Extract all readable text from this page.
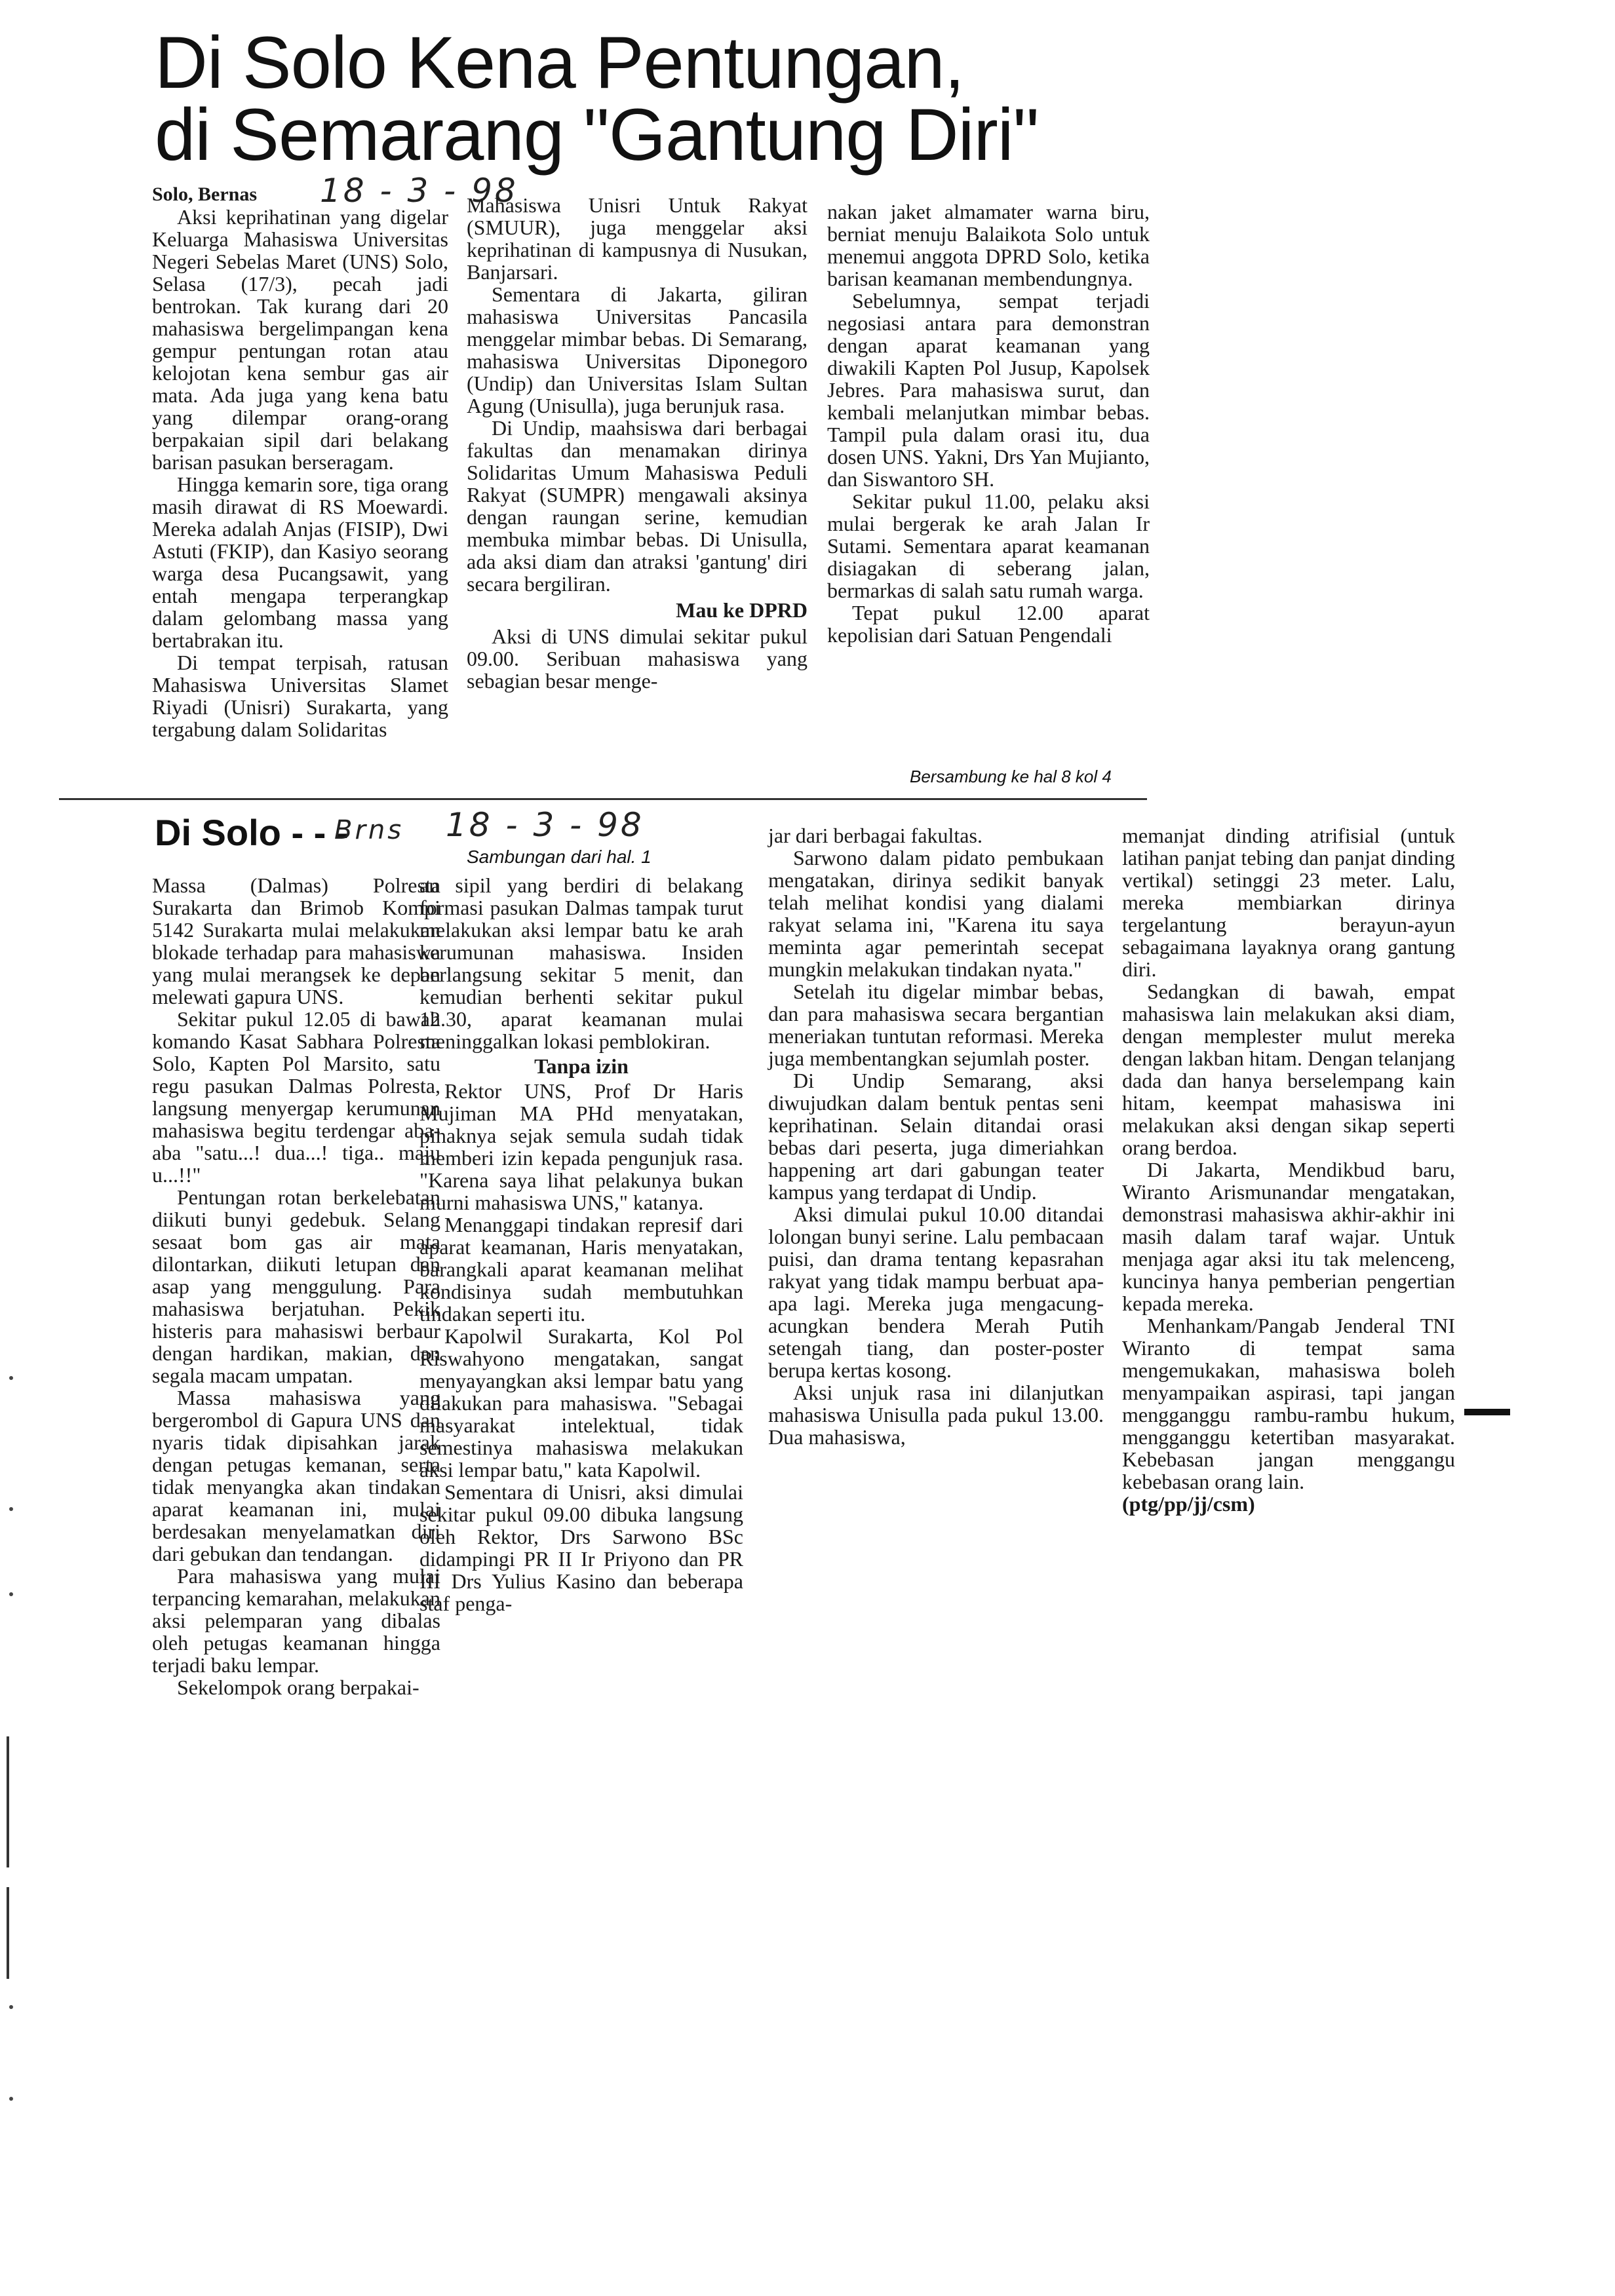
Di Solo Kena Pentungan,
di Semarang "Gantung Diri"
18 - 3 - 98

Solo, Bernas

Aksi keprihatinan yang digelar Keluarga Mahasiswa Universitas Negeri Sebelas Maret (UNS) Solo, Selasa (17/3), pecah jadi bentrokan. Tak kurang dari 20 mahasiswa bergelimpangan kena gempur pentungan rotan atau kelojotan kena sembur gas air mata. Ada juga yang kena batu yang dilempar orang-orang berpakaian sipil dari belakang barisan pasukan berseragam.

Hingga kemarin sore, tiga orang masih dirawat di RS Moewardi. Mereka adalah Anjas (FISIP), Dwi Astuti (FKIP), dan Kasiyo seorang warga desa Pucangsawit, yang entah mengapa terperangkap dalam gelombang massa yang bertabrakan itu.

Di tempat terpisah, ratusan Mahasiswa Universitas Slamet Riyadi (Unisri) Surakarta, yang tergabung dalam Solidaritas

Mahasiswa Unisri Untuk Rakyat (SMUUR), juga menggelar aksi keprihatinan di kampusnya di Nusukan, Banjarsari.

Sementara di Jakarta, giliran mahasiswa Universitas Pancasila menggelar mimbar bebas. Di Semarang, mahasiswa Universitas Diponegoro (Undip) dan Universitas Islam Sultan Agung (Unisulla), juga berunjuk rasa.

Di Undip, maahsiswa dari berbagai fakultas dan menamakan dirinya Solidaritas Umum Mahasiswa Peduli Rakyat (SUMPR) mengawali aksinya dengan raungan serine, kemudian membuka mimbar bebas. Di Unisulla, ada aksi diam dan atraksi 'gantung' diri secara bergiliran.

Mau ke DPRD

Aksi di UNS dimulai sekitar pukul 09.00. Seribuan mahasiswa yang sebagian besar menge-

nakan jaket almamater warna biru, berniat menuju Balaikota Solo untuk menemui anggota DPRD Solo, ketika barisan keamanan membendungnya.

Sebelumnya, sempat terjadi negosiasi antara para demonstran dengan aparat keamanan yang diwakili Kapten Pol Jusup, Kapolsek Jebres. Para mahasiswa surut, dan kembali melanjutkan mimbar bebas. Tampil pula dalam orasi itu, dua dosen UNS. Yakni, Drs Yan Mujianto, dan Siswantoro SH.

Sekitar pukul 11.00, pelaku aksi mulai bergerak ke arah Jalan Ir Sutami. Sementara aparat keamanan disiagakan di seberang jalan, bermarkas di salah satu rumah warga.

Tepat pukul 12.00 aparat kepolisian dari Satuan Pengendali

Bersambung ke hal 8 kol 4
Di Solo - - -
Brns 18 - 3 - 98
Sambungan dari hal. 1

Massa (Dalmas) Polresta Surakarta dan Brimob Kompi 5142 Surakarta mulai melakukan blokade terhadap para mahasiswa yang mulai merangsek ke depan melewati gapura UNS.

Sekitar pukul 12.05 di bawah komando Kasat Sabhara Polresta Solo, Kapten Pol Marsito, satu regu pasukan Dalmas Polresta, langsung menyergap kerumunan mahasiswa begitu terdengar aba-aba "satu...! dua...! tiga.. maju u...!!"

Pentungan rotan berkelebatan diikuti bunyi gedebuk. Selang sesaat bom gas air mata dilontarkan, diikuti letupan dan asap yang menggulung. Para mahasiswa berjatuhan. Pekik histeris para mahasiswi berbaur dengan hardikan, makian, dan segala macam umpatan.

Massa mahasiswa yang bergerombol di Gapura UNS dan nyaris tidak dipisahkan jarak dengan petugas kemanan, serta tidak menyangka akan tindakan aparat keamanan ini, mulai berdesakan menyelamatkan diri dari gebukan dan tendangan.

Para mahasiswa yang mulai terpancing kemarahan, melakukan aksi pelemparan yang dibalas oleh petugas keamanan hingga terjadi baku lempar.

Sekelompok orang berpakai-

an sipil yang berdiri di belakang formasi pasukan Dalmas tampak turut melakukan aksi lempar batu ke arah kerumunan mahasiswa. Insiden berlangsung sekitar 5 menit, dan kemudian berhenti sekitar pukul 12.30, aparat keamanan mulai meninggalkan lokasi pemblokiran.

Tanpa izin

Rektor UNS, Prof Dr Haris Mujiman MA PHd menyatakan, pihaknya sejak semula sudah tidak memberi izin kepada pengunjuk rasa. "Karena saya lihat pelakunya bukan murni mahasiswa UNS," katanya.

Menanggapi tindakan represif dari aparat keamanan, Haris menyatakan, barangkali aparat keamanan melihat kondisinya sudah membutuhkan tindakan seperti itu.

Kapolwil Surakarta, Kol Pol Riswahyono mengatakan, sangat menyayangkan aksi lempar batu yang dilakukan para mahasiswa. "Sebagai masyarakat intelektual, tidak semestinya mahasiswa melakukan aksi lempar batu," kata Kapolwil.

Sementara di Unisri, aksi dimulai sekitar pukul 09.00 dibuka langsung oleh Rektor, Drs Sarwono BSc didampingi PR II Ir Priyono dan PR III Drs Yulius Kasino dan beberapa staf penga-

jar dari berbagai fakultas.

Sarwono dalam pidato pembukaan mengatakan, dirinya sedikit banyak telah melihat kondisi yang dialami rakyat selama ini, "Karena itu saya meminta agar pemerintah secepat mungkin melakukan tindakan nyata."

Setelah itu digelar mimbar bebas, dan para mahasiswa secara bergantian meneriakan tuntutan reformasi. Mereka juga membentangkan sejumlah poster.

Di Undip Semarang, aksi diwujudkan dalam bentuk pentas seni keprihatinan. Selain ditandai orasi bebas dari peserta, juga dimeriahkan happening art dari gabungan teater kampus yang terdapat di Undip.

Aksi dimulai pukul 10.00 ditandai lolongan bunyi serine. Lalu pembacaan puisi, dan drama tentang kepasrahan rakyat yang tidak mampu berbuat apa-apa lagi. Mereka juga mengacung-acungkan bendera Merah Putih setengah tiang, dan poster-poster berupa kertas kosong.

Aksi unjuk rasa ini dilanjutkan mahasiswa Unisulla pada pukul 13.00. Dua mahasiswa,

memanjat dinding atrifisial (untuk latihan panjat tebing dan panjat dinding vertikal) setinggi 23 meter. Lalu, mereka membiarkan dirinya tergelantung berayun-ayun sebagaimana layaknya orang gantung diri.

Sedangkan di bawah, empat mahasiswa lain melakukan aksi diam, dengan memplester mulut mereka dengan lakban hitam. Dengan telanjang dada dan hanya berselempang kain hitam, keempat mahasiswa ini melakukan aksi dengan sikap seperti orang berdoa.

Di Jakarta, Mendikbud baru, Wiranto Arismunandar mengatakan, demonstrasi mahasiswa akhir-akhir ini masih dalam taraf wajar. Untuk menjaga agar aksi itu tak melenceng, kuncinya hanya pemberian pengertian kepada mereka.

Menhankam/Pangab Jenderal TNI Wiranto di tempat sama mengemukakan, mahasiswa boleh menyampaikan aspirasi, tapi jangan mengganggu rambu-rambu hukum, mengganggu ketertiban masyarakat. Kebebasan jangan menggangu kebebasan orang lain.

(ptg/pp/jj/csm)
